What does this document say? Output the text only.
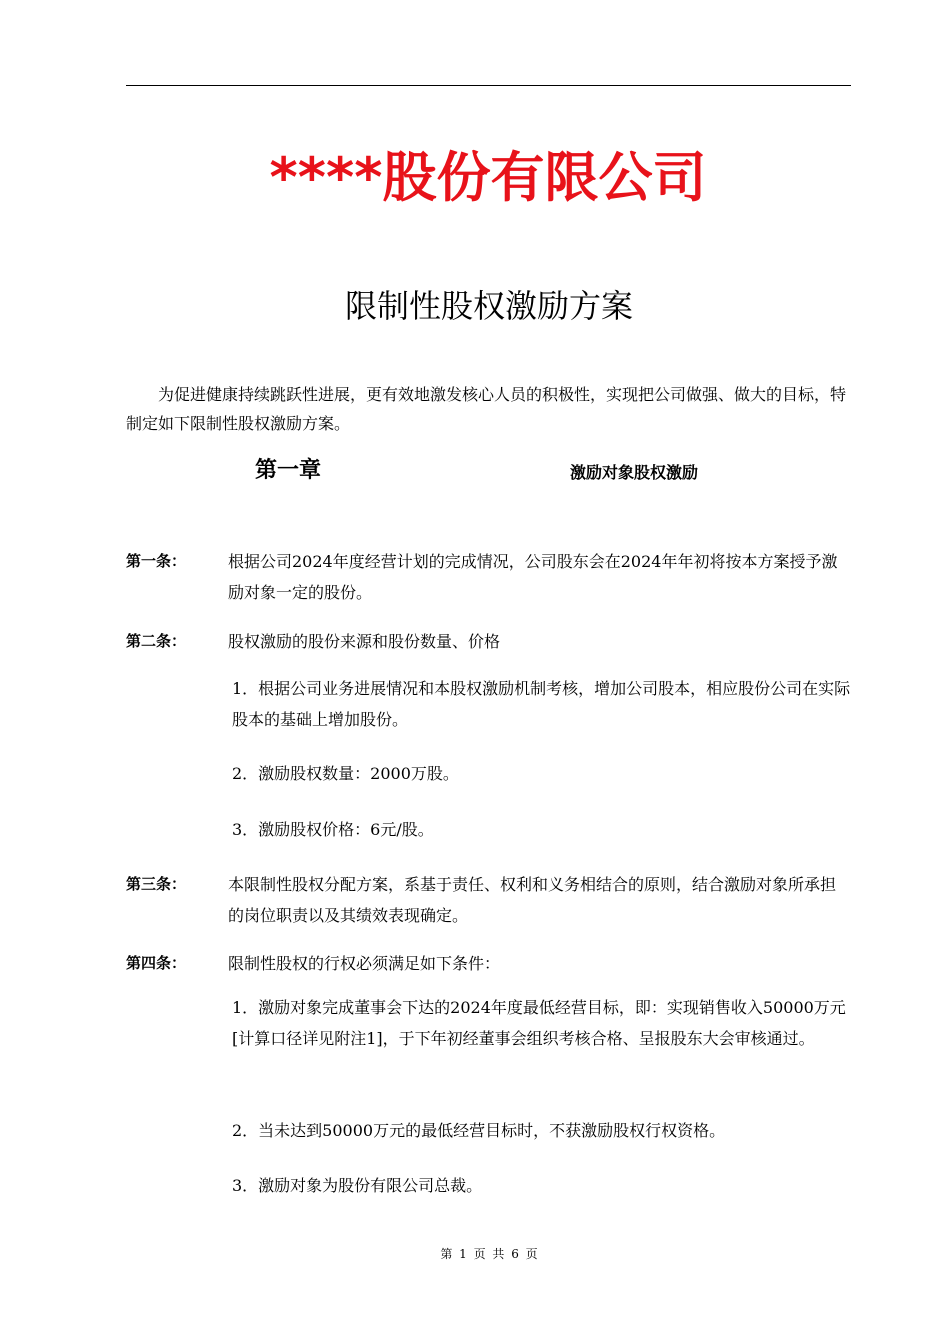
****股份有限公司
限制性股权激励方案
为促进健康持续跳跃性进展，更有效地激发核心人员的积极性，实现把公司做强、做大的目标，特制定如下限制性股权激励方案。
第一章	激励对象股权激励
第一条：	根据公司2024年度经营计划的完成情况，公司股东会在2024年年初将按本方案授予激励对象一定的股份。
第二条：	股权激励的股份来源和股份数量、价格
1．根据公司业务进展情况和本股权激励机制考核，增加公司股本，相应股份公司在实际股本的基础上增加股份。
2．激励股权数量：2000万股。
3．激励股权价格：6元/股。
第三条：	本限制性股权分配方案，系基于责任、权利和义务相结合的原则，结合激励对象所承担的岗位职责以及其绩效表现确定。
第四条：	限制性股权的行权必须满足如下条件：
1．激励对象完成董事会下达的2024年度最低经营目标，即：实现销售收入50000万元[计算口径详见附注1]，于下年初经董事会组织考核合格、呈报股东大会审核通过。
2．当未达到50000万元的最低经营目标时，不获激励股权行权资格。
3．激励对象为股份有限公司总裁。
第 1 页 共 6 页
